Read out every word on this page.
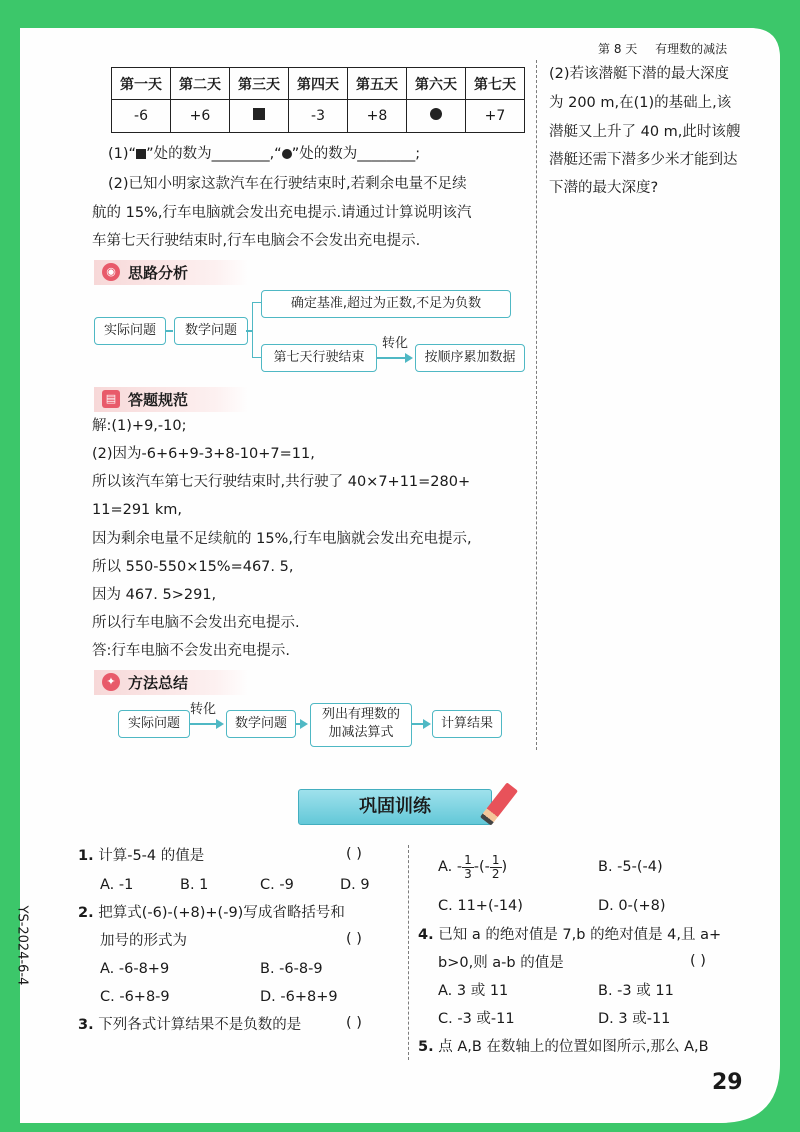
第 8 天 有理数的减法
第一天	第二天	第三天	第四天	第五天	第六天	第七天
-6	+6		-3	+8		+7
(1)“ ”处的数为________,“ ”处的数为________;
(2)已知小明家这款汽车在行驶结束时,若剩余电量不足续
航的 15%,行车电脑就会发出充电提示.请通过计算说明该汽
车第七天行驶结束时,行车电脑会不会发出充电提示.
(2)若该潜艇下潜的最大深度
为 200 m,在(1)的基础上,该
潜艇又上升了 40 m,此时该艘
潜艇还需下潜多少米才能到达
下潜的最大深度?
◉ 思路分析
实际问题	数学问题
确定基准,超过为正数,不足为负数
第七天行驶结束
转化
按顺序累加数据
▤ 答题规范
解:(1)+9,-10;
(2)因为-6+6+9-3+8-10+7=11,
所以该汽车第七天行驶结束时,共行驶了 40×7+11=280+
11=291 km,
因为剩余电量不足续航的 15%,行车电脑就会发出充电提示,
所以 550-550×15%=467. 5,
因为 467. 5>291,
所以行车电脑不会发出充电提示.
答:行车电脑不会发出充电提示.
✦ 方法总结
实际问题
转化
数学问题
列出有理数的
加减法算式
计算结果
巩固训练
1. 计算-5-4 的值是	( )
A. -1	B. 1	C. -9	D. 9
2. 把算式(-6)-(+8)+(-9)写成省略括号和
加号的形式为	( )
A. -6-8+9	B. -6-8-9
C. -6+8-9	D. -6+8+9
3. 下列各式计算结果不是负数的是	( )
A. - $\frac{1}{3}$ -(- $\frac{1}{2}$ )	B. -5-(-4)
C. 11+(-14)	D. 0-(+8)
4. 已知 a 的绝对值是 7,b 的绝对值是 4,且 a+
b>0,则 a-b 的值是	( )
A. 3 或 11	B. -3 或 11
C. -3 或-11	D. 3 或-11
5. 点 A,B 在数轴上的位置如图所示,那么 A,B
29
YS-2024-6-4
